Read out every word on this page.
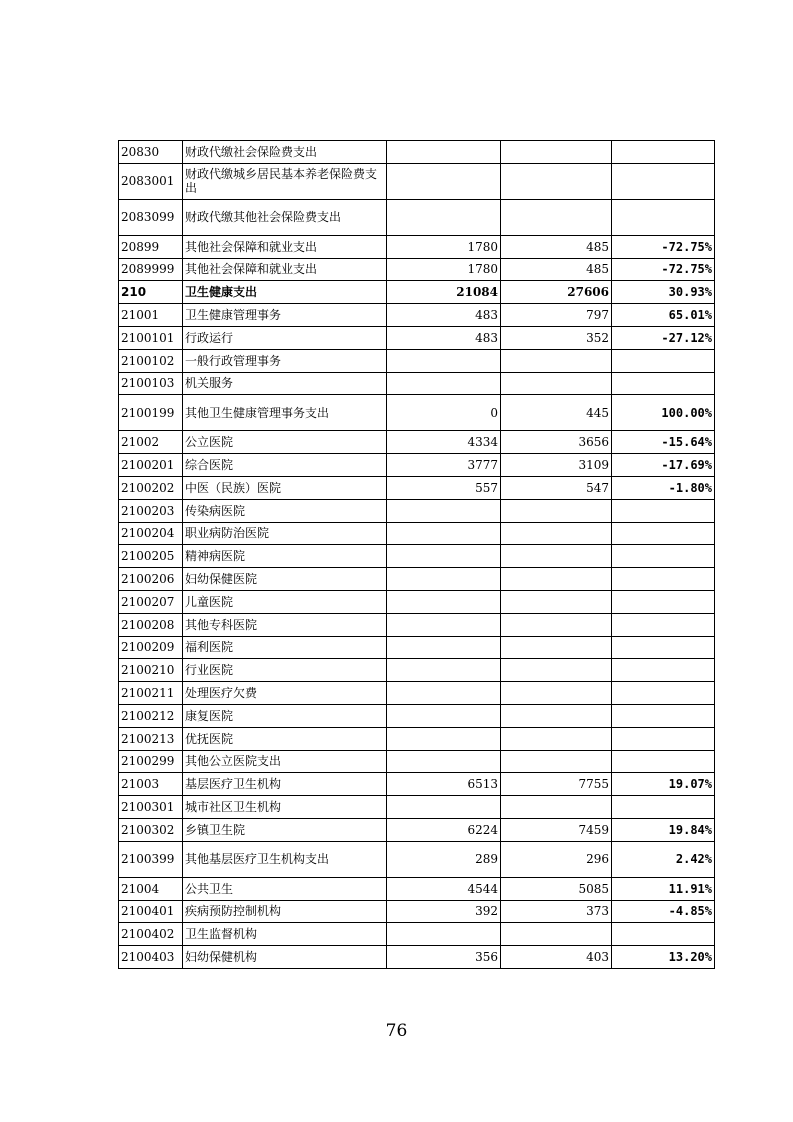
20830	财政代缴社会保险费支出			
2083001	财政代缴城乡居民基本养老保险费支出			
2083099	财政代缴其他社会保险费支出			
20899	其他社会保障和就业支出	1780	485	-72.75%
2089999	其他社会保障和就业支出	1780	485	-72.75%
210	卫生健康支出	21084	27606	30.93%
21001	卫生健康管理事务	483	797	65.01%
2100101	行政运行	483	352	-27.12%
2100102	一般行政管理事务			
2100103	机关服务			
2100199	其他卫生健康管理事务支出	0	445	100.00%
21002	公立医院	4334	3656	-15.64%
2100201	综合医院	3777	3109	-17.69%
2100202	中医（民族）医院	557	547	-1.80%
2100203	传染病医院			
2100204	职业病防治医院			
2100205	精神病医院			
2100206	妇幼保健医院			
2100207	儿童医院			
2100208	其他专科医院			
2100209	福利医院			
2100210	行业医院			
2100211	处理医疗欠费			
2100212	康复医院			
2100213	优抚医院			
2100299	其他公立医院支出			
21003	基层医疗卫生机构	6513	7755	19.07%
2100301	城市社区卫生机构			
2100302	乡镇卫生院	6224	7459	19.84%
2100399	其他基层医疗卫生机构支出	289	296	2.42%
21004	公共卫生	4544	5085	11.91%
2100401	疾病预防控制机构	392	373	-4.85%
2100402	卫生监督机构			
2100403	妇幼保健机构	356	403	13.20%
76
